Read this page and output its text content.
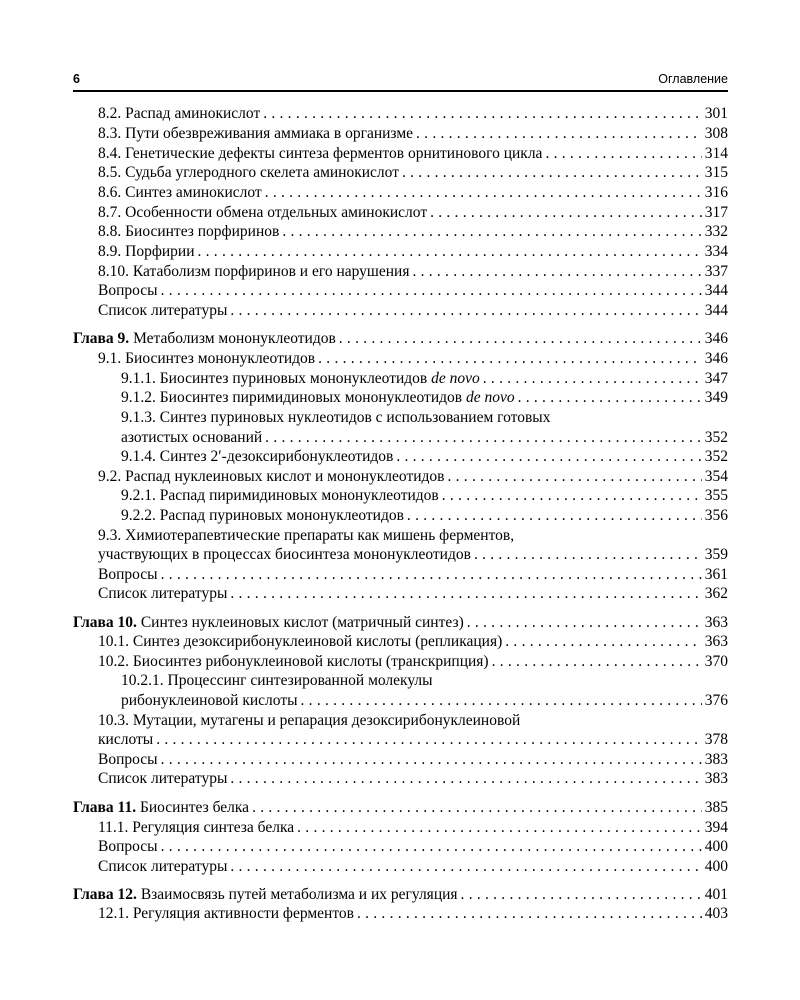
6	Оглавление
8.2. Распад аминокислот . . .	301
8.3. Пути обезвреживания аммиака в организме . . .	308
8.4. Генетические дефекты синтеза ферментов орнитинового цикла . . .	314
8.5. Судьба углеродного скелета аминокислот . . .	315
8.6. Синтез аминокислот . . .	316
8.7. Особенности обмена отдельных аминокислот . . .	317
8.8. Биосинтез порфиринов . . .	332
8.9. Порфирии . . .	334
8.10. Катаболизм порфиринов и его нарушения . . .	337
Вопросы . . .	344
Список литературы . . .	344
Глава 9. Метаболизм мононуклеотидов . . .	346
9.1. Биосинтез мононуклеотидов . . .	346
9.1.1. Биосинтез пуриновых мононуклеотидов de novo . . .	347
9.1.2. Биосинтез пиримидиновых мононуклеотидов de novo . . .	349
9.1.3. Синтез пуриновых нуклеотидов с использованием готовых
азотистых оснований . . .	352
9.1.4. Синтез 2′-дезоксирибонуклеотидов . . .	352
9.2. Распад нуклеиновых кислот и мононуклеотидов . . .	354
9.2.1. Распад пиримидиновых мононуклеотидов . . .	355
9.2.2. Распад пуриновых мононуклеотидов . . .	356
9.3. Химиотерапевтические препараты как мишень ферментов,
участвующих в процессах биосинтеза мононуклеотидов . . .	359
Вопросы . . .	361
Список литературы . . .	362
Глава 10. Синтез нуклеиновых кислот (матричный синтез) . . .	363
10.1. Синтез дезоксирибонуклеиновой кислоты (репликация) . . .	363
10.2. Биосинтез рибонуклеиновой кислоты (транскрипция) . . .	370
10.2.1. Процессинг синтезированной молекулы
рибонуклеиновой кислоты . . .	376
10.3. Мутации, мутагены и репарация дезоксирибонуклеиновой
кислоты . . .	378
Вопросы . . .	383
Список литературы . . .	383
Глава 11. Биосинтез белка . . .	385
11.1. Регуляция синтеза белка . . .	394
Вопросы . . .	400
Список литературы . . .	400
Глава 12. Взаимосвязь путей метаболизма и их регуляция . . .	401
12.1. Регуляция активности ферментов . . .	403
